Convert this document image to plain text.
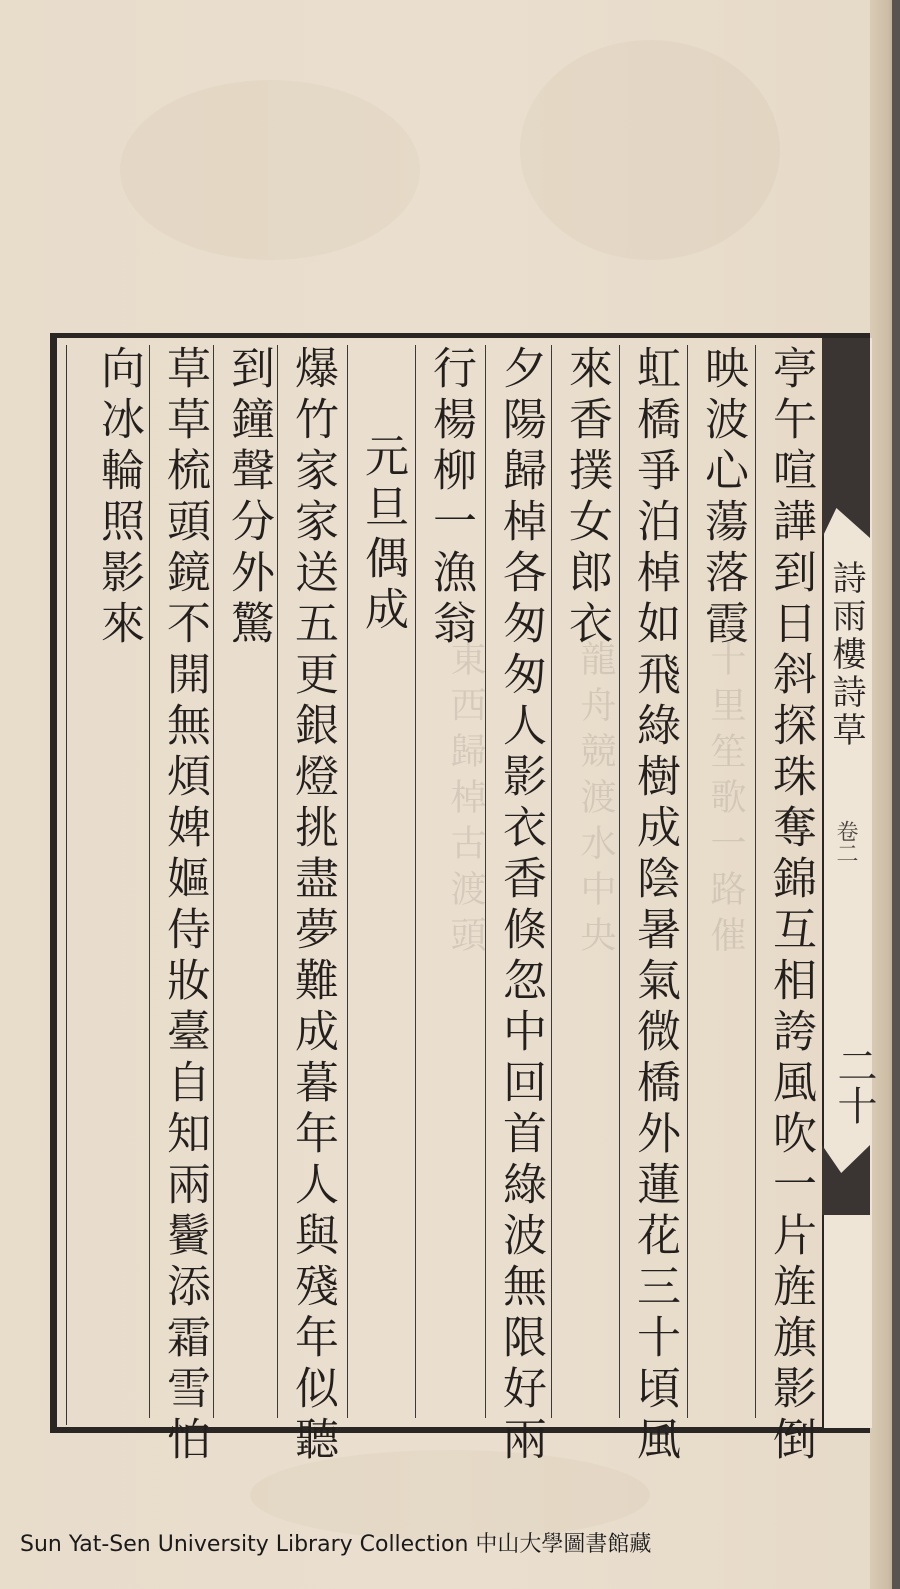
十里笙歌一路催
龍舟競渡水中央
東西歸棹古渡頭	詩雨樓詩草
卷二
二十
亭午喧譁到日斜探珠奪錦互相誇風吹一片旌旗影倒
映波心蕩落霞
虹橋爭泊棹如飛綠樹成陰暑氣微橋外蓮花三十頃風
來香撲女郎衣
夕陽歸棹各匆匆人影衣香倏忽中回首綠波無限好兩
行楊柳一漁翁
元旦偶成
爆竹家家送五更銀燈挑盡夢難成暮年人與殘年似聽
到鐘聲分外驚
草草梳頭鏡不開無煩婢嫗侍妝臺自知兩鬢添霜雪怕
向冰輪照影來
Sun Yat-Sen University Library Collection 中山大學圖書館藏
